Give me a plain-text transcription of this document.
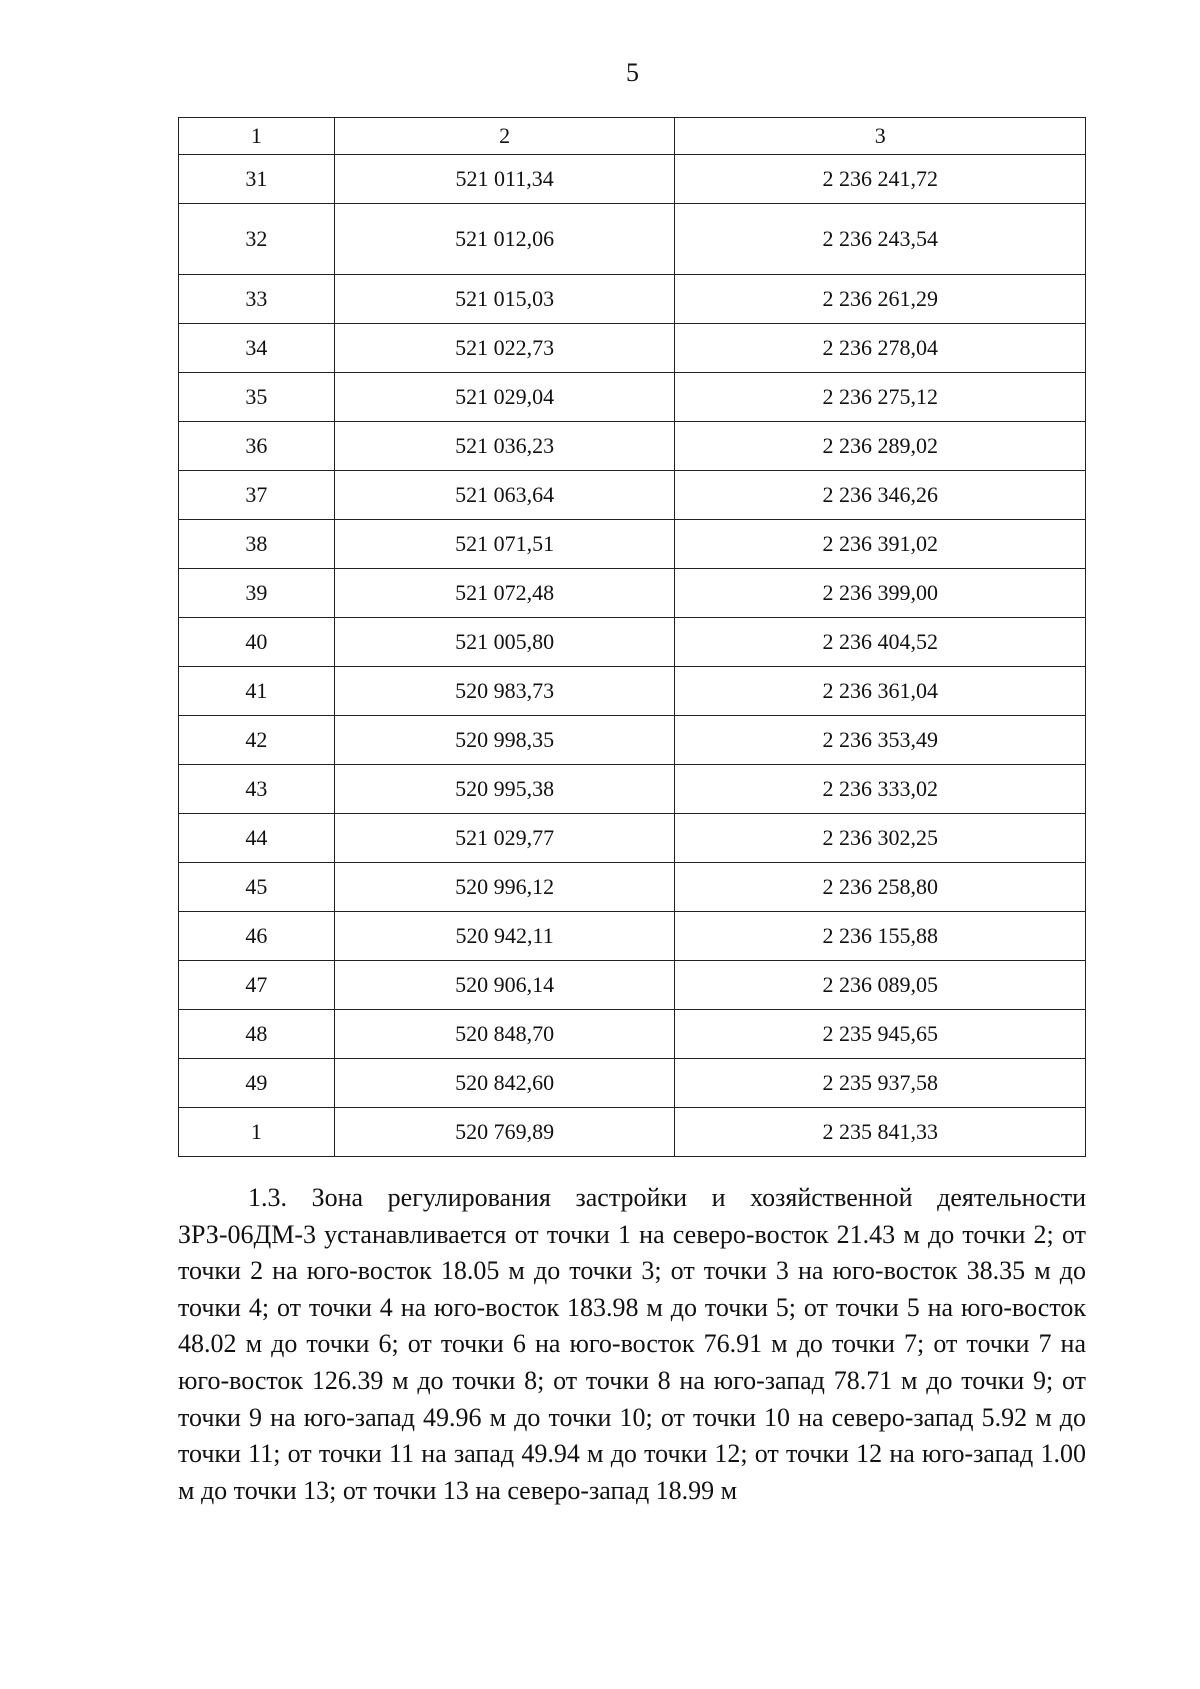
5
1	2	3
31	521 011,34	2 236 241,72
32	521 012,06	2 236 243,54
33	521 015,03	2 236 261,29
34	521 022,73	2 236 278,04
35	521 029,04	2 236 275,12
36	521 036,23	2 236 289,02
37	521 063,64	2 236 346,26
38	521 071,51	2 236 391,02
39	521 072,48	2 236 399,00
40	521 005,80	2 236 404,52
41	520 983,73	2 236 361,04
42	520 998,35	2 236 353,49
43	520 995,38	2 236 333,02
44	521 029,77	2 236 302,25
45	520 996,12	2 236 258,80
46	520 942,11	2 236 155,88
47	520 906,14	2 236 089,05
48	520 848,70	2 235 945,65
49	520 842,60	2 235 937,58
1	520 769,89	2 235 841,33

1.3. Зона регулирования застройки и хозяйственной деятельности ЗРЗ-06ДМ-3 устанавливается от точки 1 на северо-восток 21.43 м до точки 2; от точки 2 на юго-восток 18.05 м до точки 3; от точки 3 на юго-восток 38.35 м до точки 4; от точки 4 на юго-восток 183.98 м до точки 5; от точки 5 на юго-восток 48.02 м до точки 6; от точки 6 на юго-восток 76.91 м до точки 7; от точки 7 на юго-восток 126.39 м до точки 8; от точки 8 на юго-запад 78.71 м до точки 9; от точки 9 на юго-запад 49.96 м до точки 10; от точки 10 на северо-запад 5.92 м до точки 11; от точки 11 на запад 49.94 м до точки 12; от точки 12 на юго-запад 1.00 м до точки 13; от точки 13 на северо-запад 18.99 м
